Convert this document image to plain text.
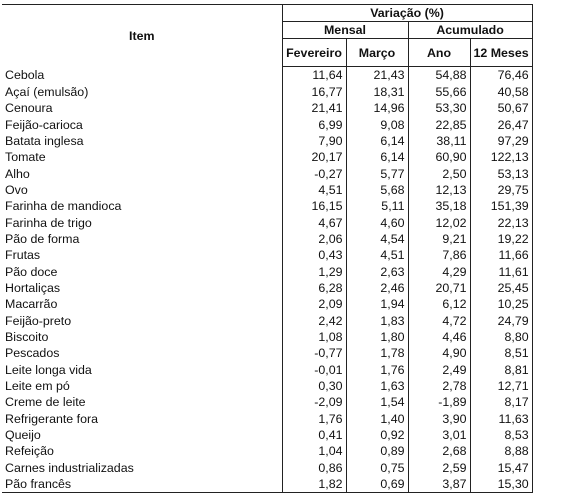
Item	Variação (%)			
	Mensal		Acumulado	
	Fevereiro	Março	Ano	12 Meses
Cebola	11,64	21,43	54,88	76,46
Açaí (emulsão)	16,77	18,31	55,66	40,58
Cenoura	21,41	14,96	53,30	50,67
Feijão-carioca	6,99	9,08	22,85	26,47
Batata inglesa	7,90	6,14	38,11	97,29
Tomate	20,17	6,14	60,90	122,13
Alho	-0,27	5,77	2,50	53,13
Ovo	4,51	5,68	12,13	29,75
Farinha de mandioca	16,15	5,11	35,18	151,39
Farinha de trigo	4,67	4,60	12,02	22,13
Pão de forma	2,06	4,54	9,21	19,22
Frutas	0,43	4,51	7,86	11,66
Pão doce	1,29	2,63	4,29	11,61
Hortaliças	6,28	2,46	20,71	25,45
Macarrão	2,09	1,94	6,12	10,25
Feijão-preto	2,42	1,83	4,72	24,79
Biscoito	1,08	1,80	4,46	8,80
Pescados	-0,77	1,78	4,90	8,51
Leite longa vida	-0,01	1,76	2,49	8,81
Leite em pó	0,30	1,63	2,78	12,71
Creme de leite	-2,09	1,54	-1,89	8,17
Refrigerante fora	1,76	1,40	3,90	11,63
Queijo	0,41	0,92	3,01	8,53
Refeição	1,04	0,89	2,68	8,88
Carnes industrializadas	0,86	0,75	2,59	15,47
Pão francês	1,82	0,69	3,87	15,30
